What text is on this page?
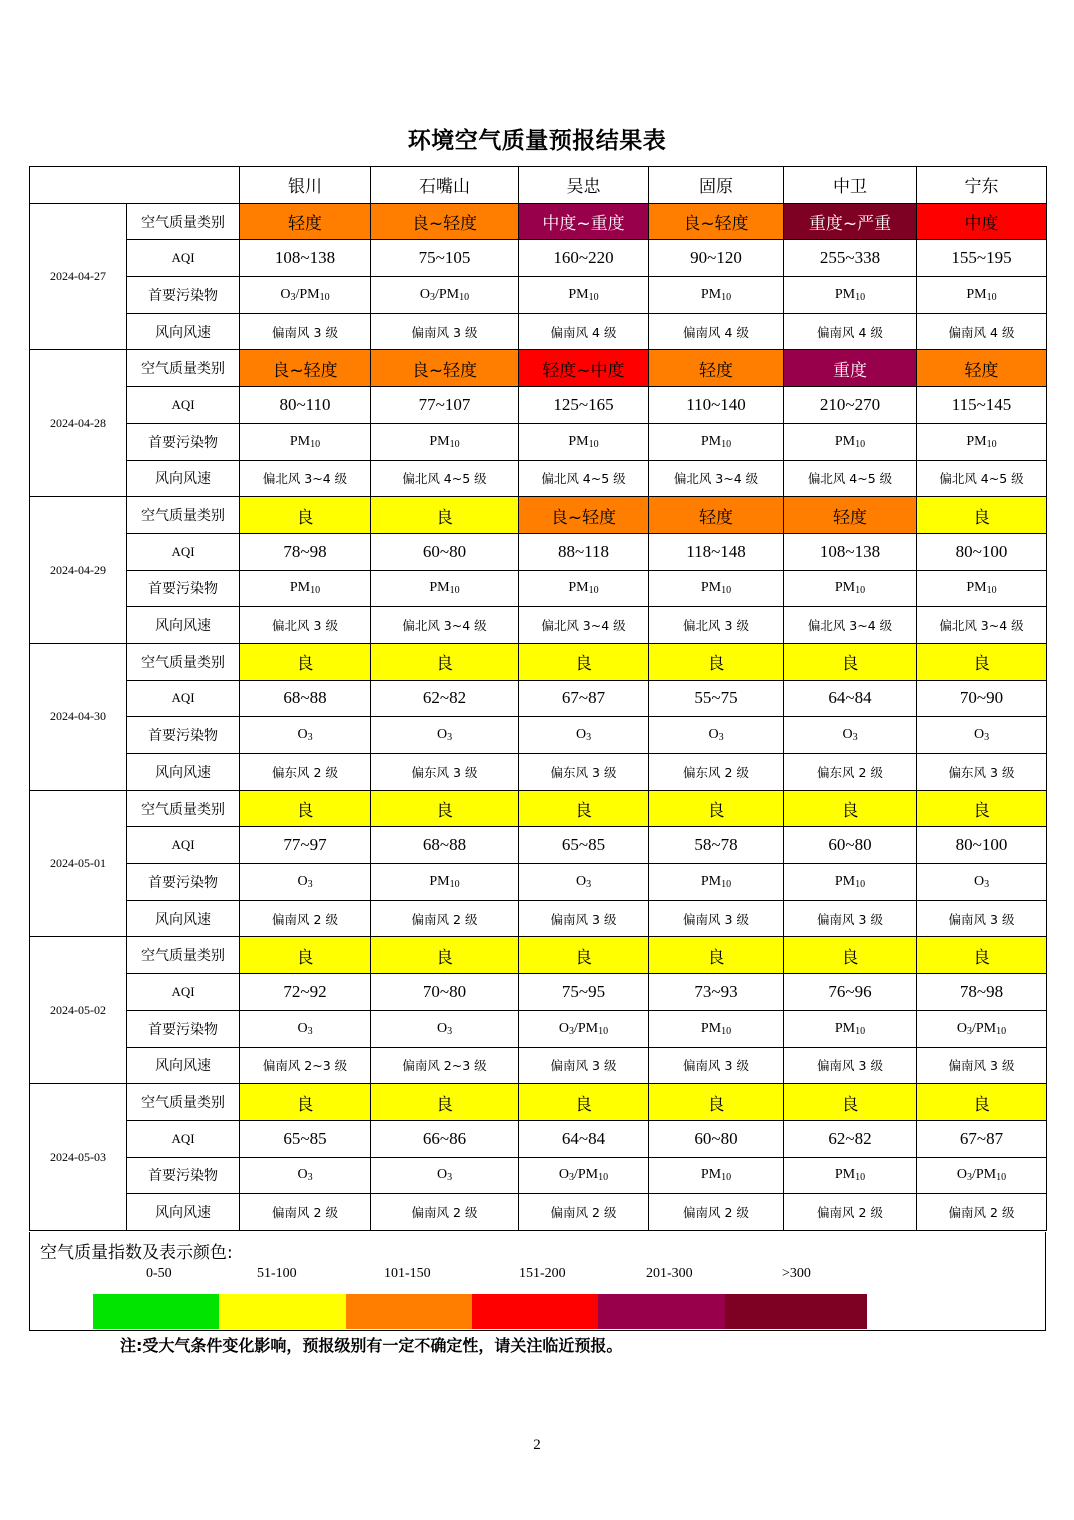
环境空气质量预报结果表
		银川	石嘴山	吴忠	固原	中卫	宁东
2024-04-27	空气质量类别	轻度	良~轻度	中度~重度	良~轻度	重度~严重	中度
	AQI	108~138	75~105	160~220	90~120	255~338	155~195
	首要污染物	$O_3/PM_{10}$	$O_3/PM_{10}$	$PM_{10}$	$PM_{10}$	$PM_{10}$	$PM_{10}$
	风向风速	偏南风 3 级	偏南风 3 级	偏南风 4 级	偏南风 4 级	偏南风 4 级	偏南风 4 级
2024-04-28	空气质量类别	良~轻度	良~轻度	轻度~中度	轻度	重度	轻度
	AQI	80~110	77~107	125~165	110~140	210~270	115~145
	首要污染物	$PM_{10}$	$PM_{10}$	$PM_{10}$	$PM_{10}$	$PM_{10}$	$PM_{10}$
	风向风速	偏北风 3~4 级	偏北风 4~5 级	偏北风 4~5 级	偏北风 3~4 级	偏北风 4~5 级	偏北风 4~5 级
2024-04-29	空气质量类别	良	良	良~轻度	轻度	轻度	良
	AQI	78~98	60~80	88~118	118~148	108~138	80~100
	首要污染物	$PM_{10}$	$PM_{10}$	$PM_{10}$	$PM_{10}$	$PM_{10}$	$PM_{10}$
	风向风速	偏北风 3 级	偏北风 3~4 级	偏北风 3~4 级	偏北风 3 级	偏北风 3~4 级	偏北风 3~4 级
2024-04-30	空气质量类别	良	良	良	良	良	良
	AQI	68~88	62~82	67~87	55~75	64~84	70~90
	首要污染物	$O_3$	$O_3$	$O_3$	$O_3$	$O_3$	$O_3$
	风向风速	偏东风 2 级	偏东风 3 级	偏东风 3 级	偏东风 2 级	偏东风 2 级	偏东风 3 级
2024-05-01	空气质量类别	良	良	良	良	良	良
	AQI	77~97	68~88	65~85	58~78	60~80	80~100
	首要污染物	$O_3$	$PM_{10}$	$O_3$	$PM_{10}$	$PM_{10}$	$O_3$
	风向风速	偏南风 2 级	偏南风 2 级	偏南风 3 级	偏南风 3 级	偏南风 3 级	偏南风 3 级
2024-05-02	空气质量类别	良	良	良	良	良	良
	AQI	72~92	70~80	75~95	73~93	76~96	78~98
	首要污染物	$O_3$	$O_3$	$O_3/PM_{10}$	$PM_{10}$	$PM_{10}$	$O_3/PM_{10}$
	风向风速	偏南风 2~3 级	偏南风 2~3 级	偏南风 3 级	偏南风 3 级	偏南风 3 级	偏南风 3 级
2024-05-03	空气质量类别	良	良	良	良	良	良
	AQI	65~85	66~86	64~84	60~80	62~82	67~87
	首要污染物	$O_3$	$O_3$	$O_3/PM_{10}$	$PM_{10}$	$PM_{10}$	$O_3/PM_{10}$
	风向风速	偏南风 2 级	偏南风 2 级	偏南风 2 级	偏南风 2 级	偏南风 2 级	偏南风 2 级
空气质量指数及表示颜色:
0-50	51-100	101-150	151-200	201-300	>300
注:受大气条件变化影响，预报级别有一定不确定性，请关注临近预报。
2
